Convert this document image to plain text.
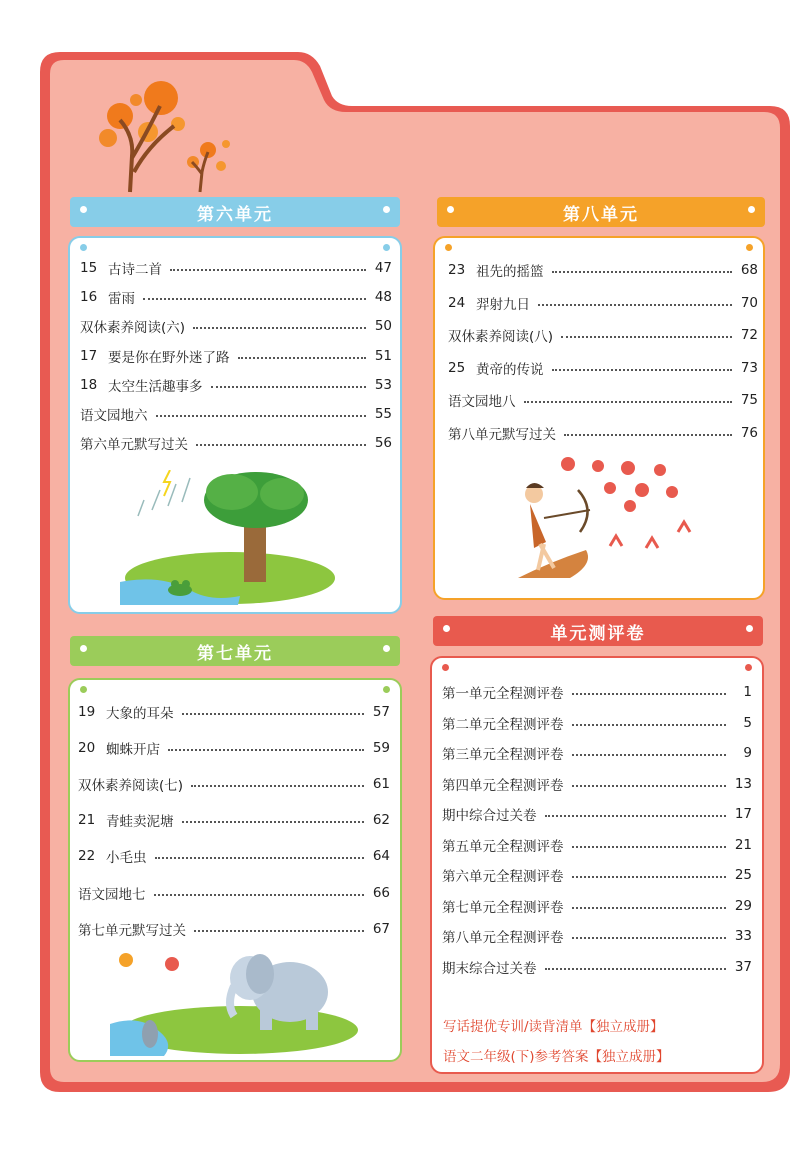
第六单元
15 古诗二首	47
16 雷雨	48
双休素养阅读(六)	50
17 要是你在野外迷了路	51
18 太空生活趣事多	53
语文园地六	55
第六单元默写过关	56
第七单元
19 大象的耳朵	57
20 蜘蛛开店	59
双休素养阅读(七)	61
21 青蛙卖泥塘	62
22 小毛虫	64
语文园地七	66
第七单元默写过关	67
第八单元
23 祖先的摇篮	68
24 羿射九日	70
双休素养阅读(八)	72
25 黄帝的传说	73
语文园地八	75
第八单元默写过关	76
单元测评卷
第一单元全程测评卷	1
第二单元全程测评卷	5
第三单元全程测评卷	9
第四单元全程测评卷	13
期中综合过关卷	17
第五单元全程测评卷	21
第六单元全程测评卷	25
第七单元全程测评卷	29
第八单元全程测评卷	33
期末综合过关卷	37
写话提优专训/读背清单【独立成册】
语文二年级(下)参考答案【独立成册】
